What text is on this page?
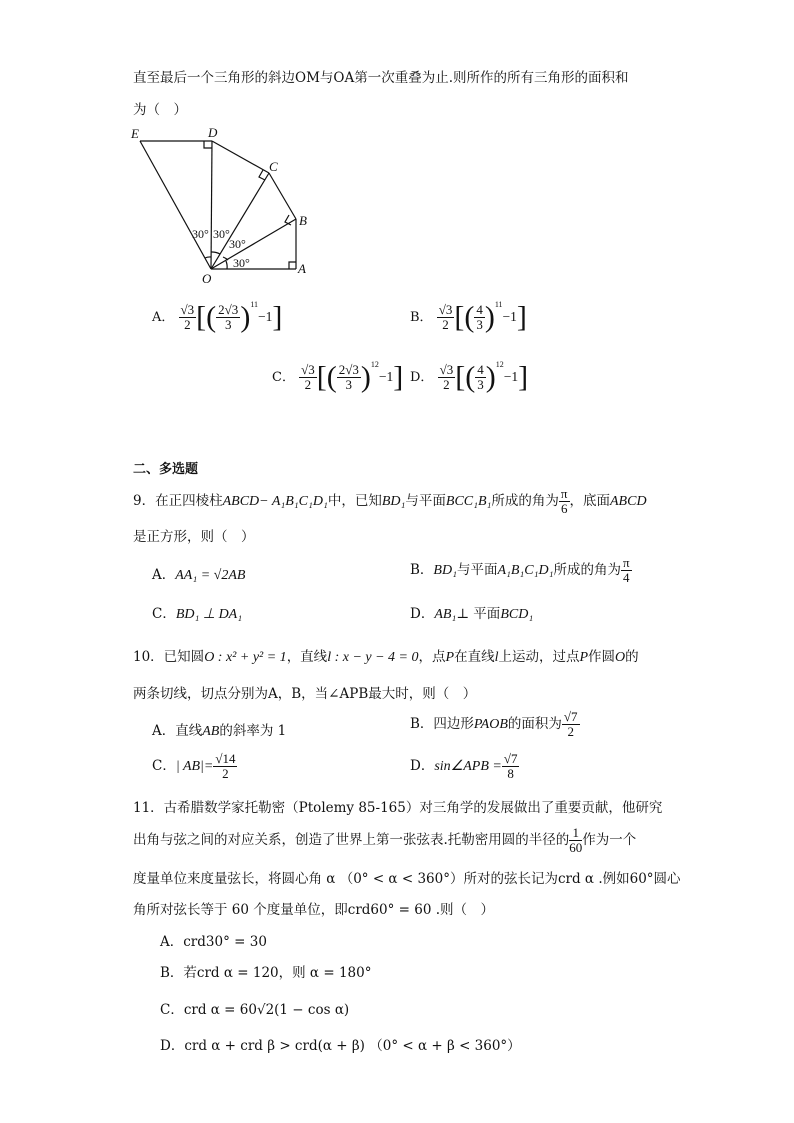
直至最后一个三角形的斜边OM与OA第一次重叠为止.则所作的所有三角形的面积和
为（　）
E	D
C
B
A
O
30° 30°
30°
30°
A． $\frac{√3}{2}$ [( $\frac{2√3}{3} )^{11}-1$]	B． $\frac{√3}{2}$ [( $\frac{4}{3} )^{11}-1$]
C． $\frac{√3}{2}$ [( $\frac{2√3}{3} )^{12}-1$] D． $\frac{√3}{2}$ [( $\frac{4}{3} )^{12}-1$]
二、多选题
9．在正四棱柱ABCD− A₁B₁C₁D₁中，已知BD₁与平面BCC₁B₁所成的角为 $\frac{\pi}{6}$ ，底面ABCD
是正方形，则（　）
A．AA₁ = √2AB	B．BD₁与平面A₁B₁C₁D₁所成的角为 $\frac{\pi}{4}$
C．BD₁ ⊥ DA₁	D．AB₁⊥ 平面BCD₁
10．已知圆O : x² + y² = 1，直线l : x − y − 4 = 0，点P在直线l上运动，过点P作圆O的
两条切线，切点分别为A，B，当∠APB最大时，则（　）
A．直线AB的斜率为 1	B．四边形PAOB的面积为 $\frac{√7}{2}$
C．| $AB|= \frac{√14}{2}$	D．sin∠APB = $\frac{√7}{8}$
11．古希腊数学家托勒密（Ptolemy 85-165）对三角学的发展做出了重要贡献，他研究
出角与弦之间的对应关系，创造了世界上第一张弦表.托勒密用圆的半径的 $\frac{1}{60}$ 作为一个
度量单位来度量弦长，将圆心角 α （0° < α < 360°）所对的弦长记为crd α .例如60°圆心
角所对弦长等于 60 个度量单位，即crd60° = 60 .则（　）
A．crd30° = 30
B．若crd α = 120，则 α = 180°
C．crd α = 60√2(1 − cos α)
D．crd α + crd β > crd(α + β) （0° < α + β < 360°）
